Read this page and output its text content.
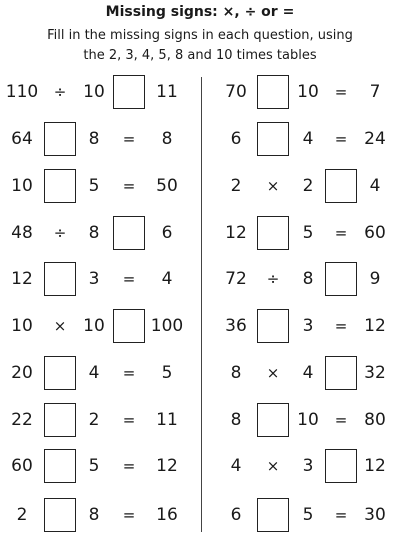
Missing signs: ×, ÷ or =
Fill in the missing signs in each question, using
the 2, 3, 4, 5, 8 and 10 times tables
110	÷ 10	11
64	8	=	8
10	5	=	50
48	÷	8	6
12	3	=	4
10	× 10	100
20	4	=	5
22	2	=	11
60	5	=	12
2	8	=	16
70	10	=	7
6	4	= 24
2	×	2	4
12	5	= 60
72	÷	8	9
36	3	= 12
8	×	4	32
8	10	= 80
4	×	3	12
6	5	= 30
